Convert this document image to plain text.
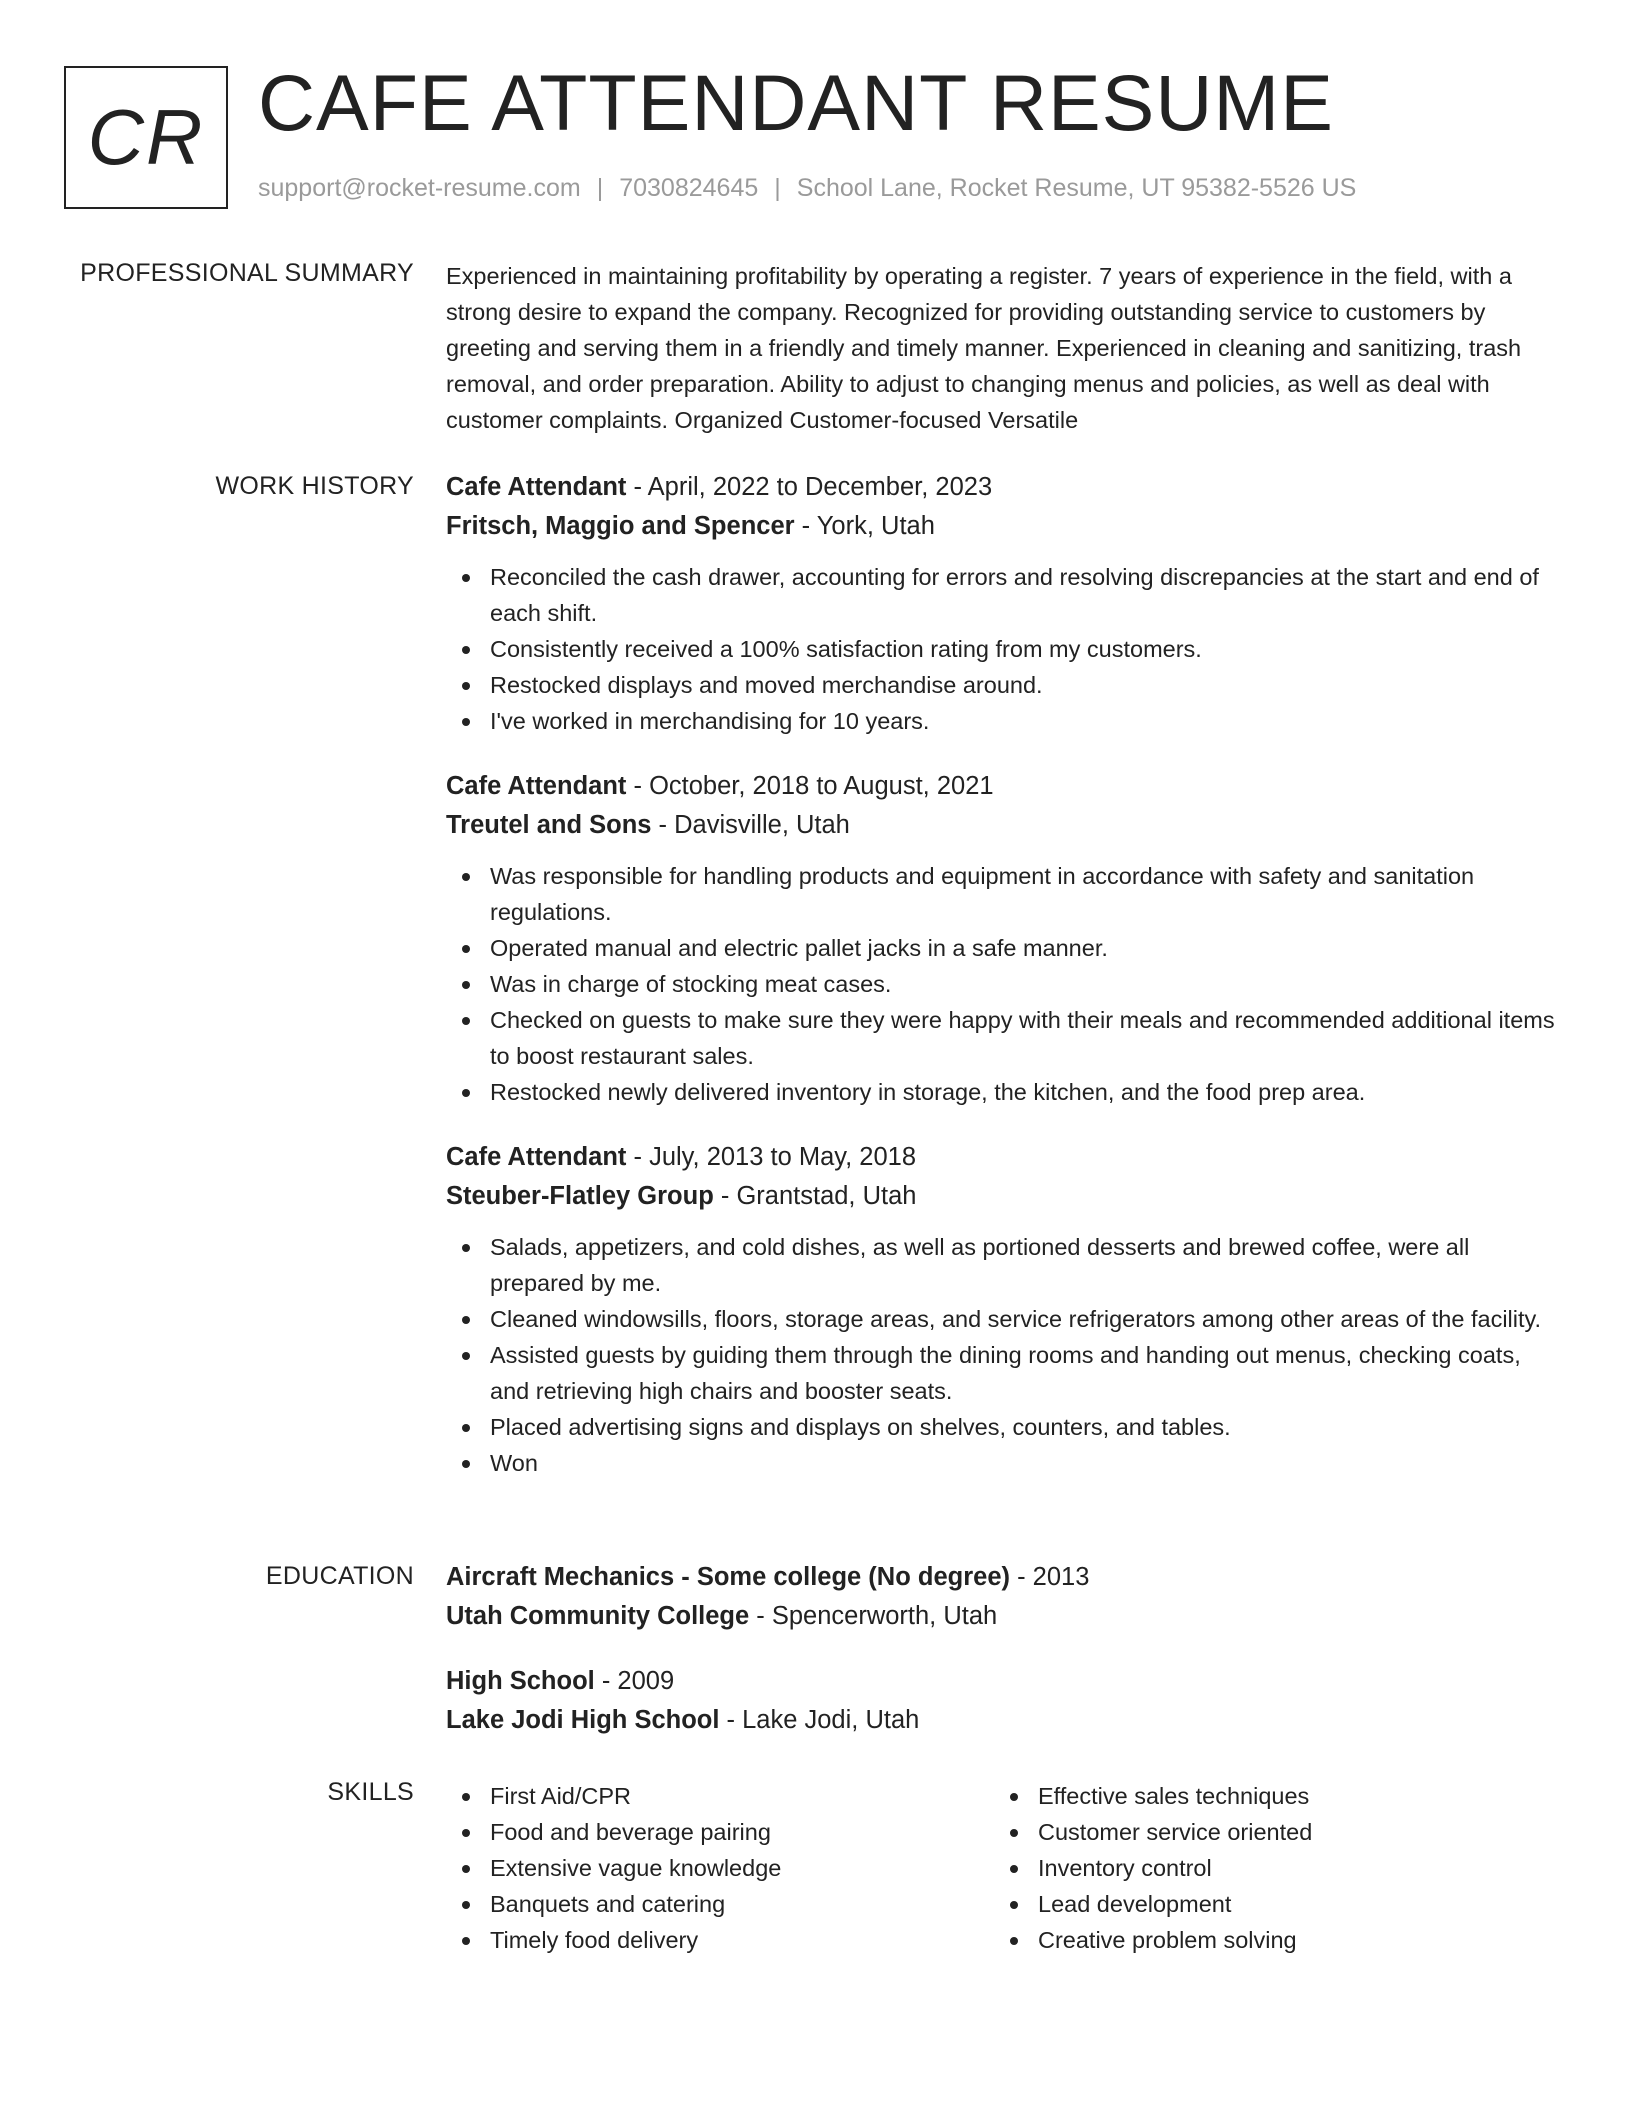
CR CAFE ATTENDANT RESUME
support@rocket-resume.com | 7030824645 | School Lane, Rocket Resume, UT 95382-5526 US
PROFESSIONAL SUMMARY Experienced in maintaining profitability by operating a register. 7 years of experience in the field, with a strong desire to expand the company. Recognized for providing outstanding service to customers by greeting and serving them in a friendly and timely manner. Experienced in cleaning and sanitizing, trash removal, and order preparation. Ability to adjust to changing menus and policies, as well as deal with customer complaints. Organized Customer-focused Versatile

WORK HISTORY Cafe Attendant - April, 2022 to December, 2023
Fritsch, Maggio and Spencer - York, Utah
Reconciled the cash drawer, accounting for errors and resolving discrepancies at the start and end of each shift.
Consistently received a 100% satisfaction rating from my customers.
Restocked displays and moved merchandise around.
I've worked in merchandising for 10 years.
Cafe Attendant - October, 2018 to August, 2021
Treutel and Sons - Davisville, Utah
Was responsible for handling products and equipment in accordance with safety and sanitation regulations.
Operated manual and electric pallet jacks in a safe manner.
Was in charge of stocking meat cases.
Checked on guests to make sure they were happy with their meals and recommended additional items to boost restaurant sales.
Restocked newly delivered inventory in storage, the kitchen, and the food prep area.
Cafe Attendant - July, 2013 to May, 2018
Steuber-Flatley Group - Grantstad, Utah
Salads, appetizers, and cold dishes, as well as portioned desserts and brewed coffee, were all prepared by me.
Cleaned windowsills, floors, storage areas, and service refrigerators among other areas of the facility.
Assisted guests by guiding them through the dining rooms and handing out menus, checking coats, and retrieving high chairs and booster seats.
Placed advertising signs and displays on shelves, counters, and tables.
Won
EDUCATION Aircraft Mechanics - Some college (No degree) - 2013
Utah Community College - Spencerworth, Utah
High School - 2009
Lake Jodi High School - Lake Jodi, Utah
SKILLS	First Aid/CPR
Food and beverage pairing
Extensive vague knowledge
Banquets and catering
Timely food delivery
Effective sales techniques
Customer service oriented
Inventory control
Lead development
Creative problem solving
